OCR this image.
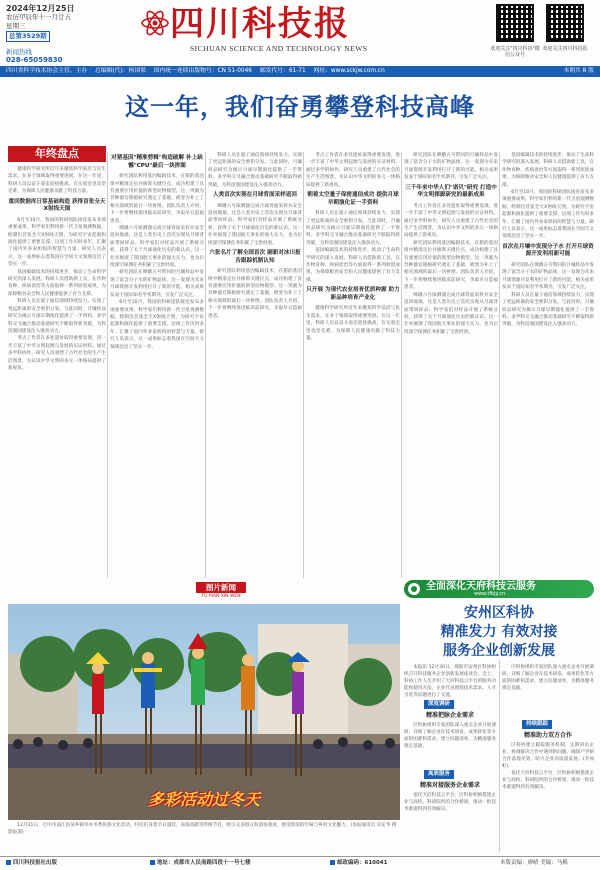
2024年12月25日
农历甲辰年十一月廿五
星期三
总第3529期
新闻热线
028-65059830
四川科技报
SICHUAN SCIENCE AND TECHNOLOGY NEWS	欢迎关注"四川科协"微信公众号
欢迎关注四川科技报
四川省科学技术协会主管、主办 总编辑(代)：杨国渠 国内统一连续出版物号：CN 51-0046 邮发代号：61-71 网址：www.sckjw.com.cn	本期共 8 版
这一年，我们奋勇攀登科技高峰
年终盘点

健康科学研究所近年来聚焦科学前沿与民生需求，在多个领域取得重要进展。在这一年里，科研人员以奋斗姿态迎接挑战，在实验室里攻坚克难，为保障人民健康贡献了科技力量。

重回数据库日常基础构造 获得首张全天X射线天图

6月至10月，我国的科研团队接连发布多项重要成果。科学家们利用新一代卫星观测数据，绘制出首张全天X射线天图，为研究宇宙起源和演化提供了重要支撑。这项工作历时多年，汇聚了国内外多家机构的智慧与力量。研究人员表示，这一成果标志着我国在空间天文领域迈出了坚实一步。

基因编辑技术的持续进步，推动了生命科学研究的深入发展。科研人员借助新工具，在作物育种、疾病诊治等方面取得一系列原创成果，为保障粮食安全和人民健康提供了有力支撑。

科研人员在量子通信领域持续发力，实现了更远距离的安全密钥分发。与此同时，月壤样品研究为揭示月球早期演化提供了一手资料。多学科交叉融合推动基础研究不断取得新突破，为科技强国建设注入强劲动力。

考古工作者在多处遗址取得重要发现，进一步丰富了中华文明起源与发展的实证材料。通过多学科协作，研究人员重建了古代社会的生产生活图景，为认识中华文明的多元一体格局提供了新视角。

对猪基因"精准剪辑"构造破解 补上缺憾"CPU"最后一块拼图

研究团队利用基因编辑技术，在猪的基因组中精准定位并修饰关键位点，成功构建了具有重要应用价值的新型动物模型。这一突破为异种器官移植研究奠定了基础，被誉为补上了相关领域的最后一块拼图。团队负责人介绍，下一步将继续推进临床前研究，争取早日造福患者。

嫦娥六号探测器完成月球背面采样并安全返回地球，这是人类历史上首次实现从月球背面带回样品。科学家们对样品开展了系统分析，获得了关于月球演化历史的新认识。这一壮举展现了我国航天事业的强大实力，也为后续深空探测任务积累了宝贵经验。

研究团队在嫦娥五号带回的月壤样品中发现了富含分子水的矿物晶体，这一发现为未来月球资源开发利用打开了新的可能。相关成果发表于国际知名学术期刊，引发广泛关注。

6月至10月，我国的科研团队接连发布多项重要成果。科学家们利用新一代卫星观测数据，绘制出首张全天X射线天图，为研究宇宙起源和演化提供了重要支撑。这项工作历时多年，汇聚了国内外多家机构的智慧与力量。研究人员表示，这一成果标志着我国在空间天文领域迈出了坚实一步。

科研人员在量子通信领域持续发力，实现了更远距离的安全密钥分发。与此同时，月壤样品研究为揭示月球早期演化提供了一手资料。多学科交叉融合推动基础研究不断取得新突破，为科技强国建设注入强劲动力。

人类首次实现在月球背面采样返回

嫦娥六号探测器完成月球背面采样并安全返回地球，这是人类历史上首次实现从月球背面带回样品。科学家们对样品开展了系统分析，获得了关于月球演化历史的新认识。这一壮举展现了我国航天事业的强大实力，也为后续深空探测任务积累了宝贵经验。

六张名片了解全国首次 刷新对冰川报告跟踪机制认知

研究团队利用基因编辑技术，在猪的基因组中精准定位并修饰关键位点，成功构建了具有重要应用价值的新型动物模型。这一突破为异种器官移植研究奠定了基础，被誉为补上了相关领域的最后一块拼图。团队负责人介绍，下一步将继续推进临床前研究，争取早日造福患者。

考古工作者在多处遗址取得重要发现，进一步丰富了中华文明起源与发展的实证材料。通过多学科协作，研究人员重建了古代社会的生产生活图景，为认识中华文明的多元一体格局提供了新视角。

朝着太空量子保密通信成功 提供月球早期演化证一手资料

科研人员在量子通信领域持续发力，实现了更远距离的安全密钥分发。与此同时，月壤样品研究为揭示月球早期演化提供了一手资料。多学科交叉融合推动基础研究不断取得新突破，为科技强国建设注入强劲动力。

基因编辑技术的持续进步，推动了生命科学研究的深入发展。科研人员借助新工具，在作物育种、疾病诊治等方面取得一系列原创成果，为保障粮食安全和人民健康提供了有力支撑。

只开展 为现代农业培育优质种源 助力新品种培育产业化

健康科学研究所近年来聚焦科学前沿与民生需求，在多个领域取得重要进展。在这一年里，科研人员以奋斗姿态迎接挑战，在实验室里攻坚克难，为保障人民健康贡献了科技力量。

研究团队在嫦娥五号带回的月壤样品中发现了富含分子水的矿物晶体，这一发现为未来月球资源开发利用打开了新的可能。相关成果发表于国际知名学术期刊，引发广泛关注。

三千年来中华人们"诺贝"研究 打造中华文明探源研究的最新成果

考古工作者在多处遗址取得重要发现，进一步丰富了中华文明起源与发展的实证材料。通过多学科协作，研究人员重建了古代社会的生产生活图景，为认识中华文明的多元一体格局提供了新视角。

研究团队利用基因编辑技术，在猪的基因组中精准定位并修饰关键位点，成功构建了具有重要应用价值的新型动物模型。这一突破为异种器官移植研究奠定了基础，被誉为补上了相关领域的最后一块拼图。团队负责人介绍，下一步将继续推进临床前研究，争取早日造福患者。

嫦娥六号探测器完成月球背面采样并安全返回地球，这是人类历史上首次实现从月球背面带回样品。科学家们对样品开展了系统分析，获得了关于月球演化历史的新认识。这一壮举展现了我国航天事业的强大实力，也为后续深空探测任务积累了宝贵经验。

基因编辑技术的持续进步，推动了生命科学研究的深入发展。科研人员借助新工具，在作物育种、疾病诊治等方面取得一系列原创成果，为保障粮食安全和人民健康提供了有力支撑。

6月至10月，我国的科研团队接连发布多项重要成果。科学家们利用新一代卫星观测数据，绘制出首张全天X射线天图，为研究宇宙起源和演化提供了重要支撑。这项工作历时多年，汇聚了国内外多家机构的智慧与力量。研究人员表示，这一成果标志着我国在空间天文领域迈出了坚实一步。

首次在月壤中发现分子水 打开月球资源开发利用新可能

研究团队在嫦娥五号带回的月壤样品中发现了富含分子水的矿物晶体，这一发现为未来月球资源开发利用打开了新的可能。相关成果发表于国际知名学术期刊，引发广泛关注。

科研人员在量子通信领域持续发力，实现了更远距离的安全密钥分发。与此同时，月壤样品研究为揭示月球早期演化提供了一手资料。多学科交叉融合推动基础研究不断取得新突破，为科技强国建设注入强劲动力。

图片新闻
TU PIAN XIN WEN
多彩活动过冬天
12月21日，巴中市南江县某乡镇举办冬季民俗文化活动，村民们身着节日盛装，表演高跷等传统节目，吸引众多群众和游客观看，感受浓浓的年味与乡村文化魅力。(本报通讯员 向定华 摄影报道)
全面深化天府科技云服务
www.tfkjy.cn
安州区科协
精准发力 有效对接
服务企业创新发展

本报讯 12月30日，绵阳市安州区科协组织召开科技服务企业创新发展座谈会。会上，科协工作人员介绍了天府科技云平台的服务功能和使用方法，企业代表围绕技术需求、人才引进等问题进行了交流。

深度调研
精准把脉企业需求

区科协组织专家团队深入重点企业开展调研，详细了解企业在技术研发、成果转化等方面的困难和需求，建立问题清单，为精准服务奠定基础。

高质服务
精准对接服务企业需求

依托天府科技云平台，区科协积极搭建企业与高校、科研院所的合作桥梁，推动一批技术难题得到有效解决。

区科协组织专家团队深入重点企业开展调研，详细了解企业在技术研发、成果转化等方面的困难和需求，建立问题清单，为精准服务奠定基础。

持续跟踪
精准助力双方合作

区科协建立跟踪服务机制，定期回访企业，协调解决合作中遇到的问题，确保产学研合作落地见效，助力企业高质量发展。(李加虹)

依托天府科技云平台，区科协积极搭建企业与高校、科研院所的合作桥梁，推动一批技术难题得到有效解决。

四川科技报社出版	地址：成都市人民南路四段十一号七楼	邮政编码：610041	本版责编：廖晴 美编：马梅
